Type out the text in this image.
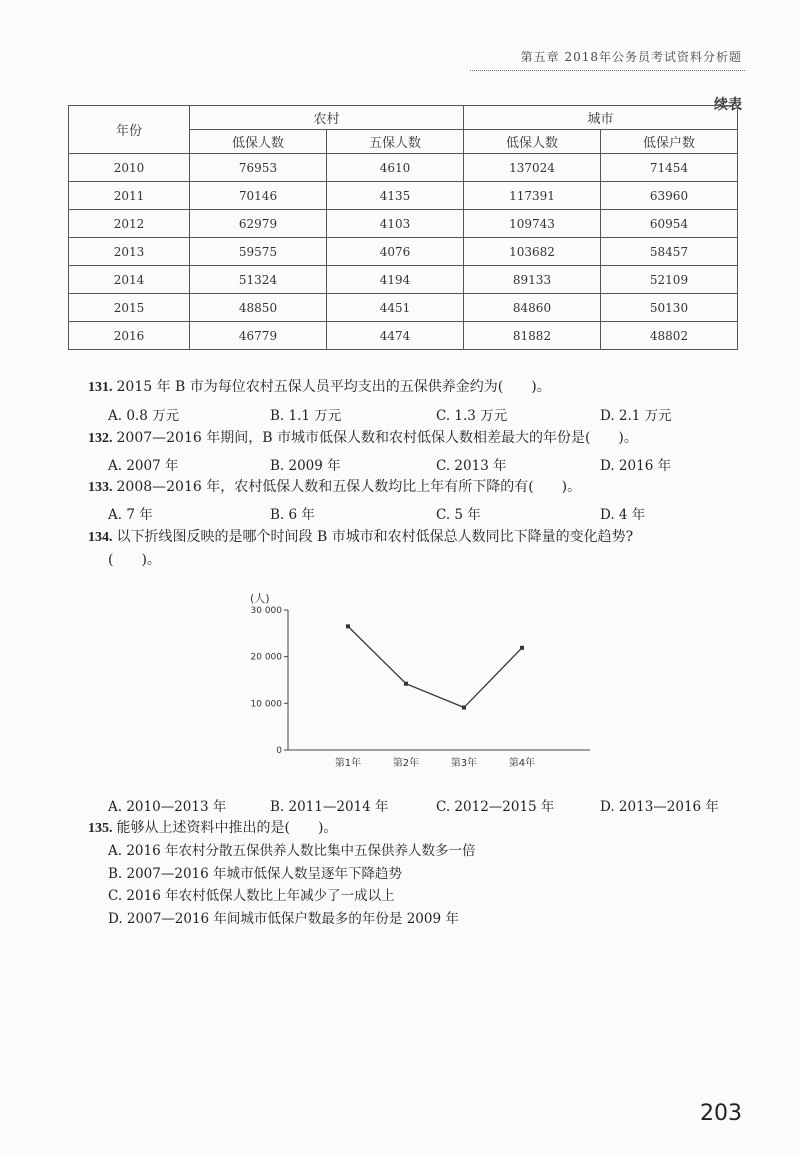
第五章 2018年公务员考试资料分析题
续表
年份	农村		城市	
	低保人数	五保人数	低保人数	低保户数
2010	76953	4610	137024	71454
2011	70146	4135	117391	63960
2012	62979	4103	109743	60954
2013	59575	4076	103682	58457
2014	51324	4194	89133	52109
2015	48850	4451	84860	50130
2016	46779	4474	81882	48802
131. 2015 年 B 市为每位农村五保人员平均支出的五保供养金约为(　　)。
A. 0.8 万元	B. 1.1 万元	C. 1.3 万元	D. 2.1 万元
132. 2007—2016 年期间，B 市城市低保人数和农村低保人数相差最大的年份是(　　)。
A. 2007 年	B. 2009 年	C. 2013 年	D. 2016 年
133. 2008—2016 年，农村低保人数和五保人数均比上年有所下降的有(　　)。
A. 7 年	B. 6 年	C. 5 年	D. 4 年
134. 以下折线图反映的是哪个时间段 B 市城市和农村低保总人数同比下降量的变化趋势?
(　　)。
(人)
0
10 000
20 000
30 000
第1年	第2年	第3年	第4年
A. 2010—2013 年	B. 2011—2014 年	C. 2012—2015 年	D. 2013—2016 年
135. 能够从上述资料中推出的是(　　)。
A. 2016 年农村分散五保供养人数比集中五保供养人数多一倍
B. 2007—2016 年城市低保人数呈逐年下降趋势
C. 2016 年农村低保人数比上年减少了一成以上
D. 2007—2016 年间城市低保户数最多的年份是 2009 年
203
